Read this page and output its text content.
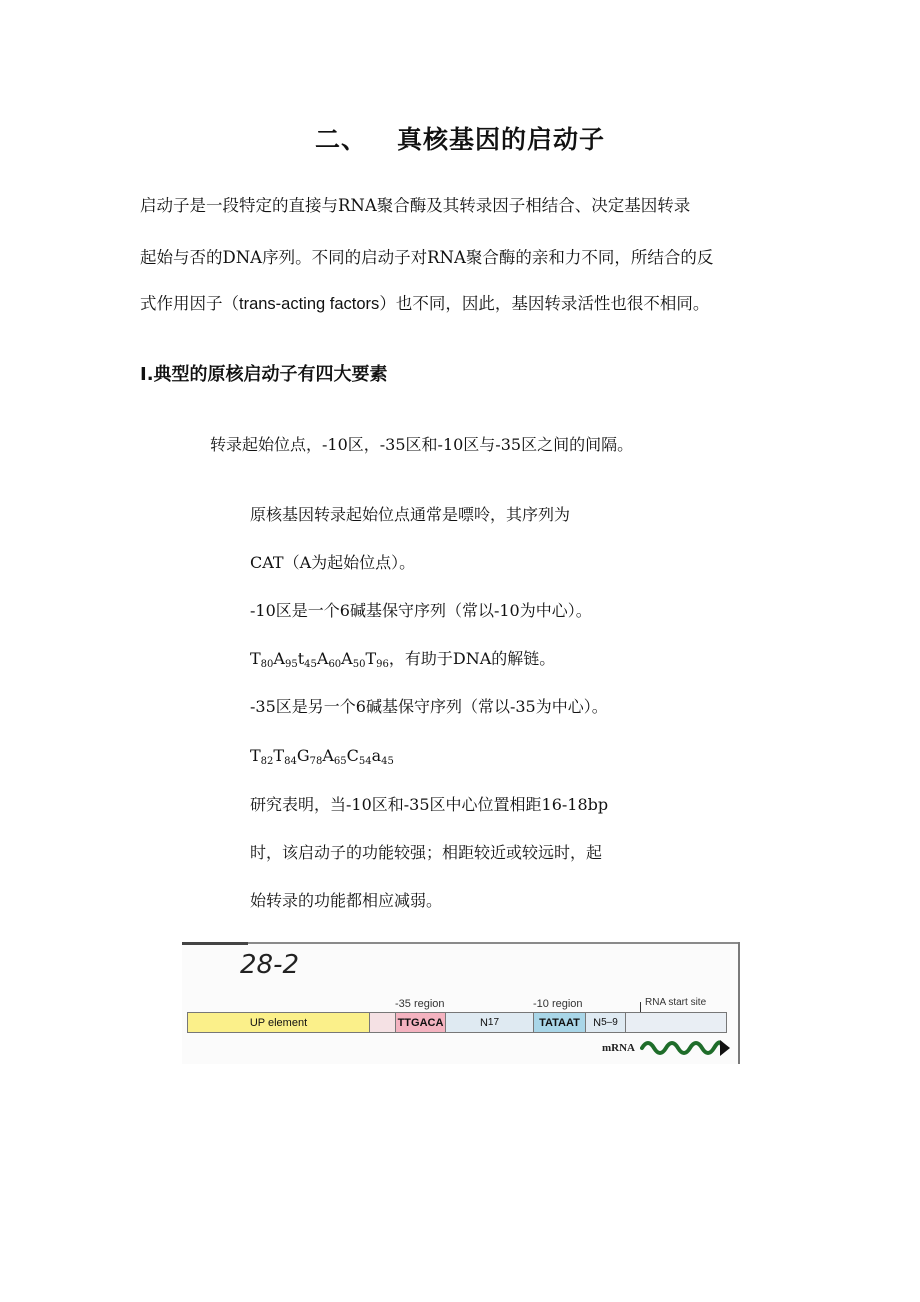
二、 真核基因的启动子
启动子是一段特定的直接与RNA聚合酶及其转录因子相结合、决定基因转录
起始与否的DNA序列。不同的启动子对RNA聚合酶的亲和力不同，所结合的反
式作用因子（trans-acting factors）也不同，因此，基因转录活性也很不相同。
Ⅰ.典型的原核启动子有四大要素
转录起始位点，-10区，-35区和-10区与-35区之间的间隔。
原核基因转录起始位点通常是嘌呤，其序列为
CAT（A为起始位点）。
-10区是一个6碱基保守序列（常以-10为中心）。
$T_{80}A_{95}t_{45}A_{60}A_{50}T_{96}$，有助于DNA的解链。
-35区是另一个6碱基保守序列（常以-35为中心）。
$T_{82}T_{84}G_{78}A_{65}C_{54}a_{45}$
研究表明，当-10区和-35区中心位置相距16-18bp
时，该启动子的功能较强；相距较近或较远时，起
始转录的功能都相应减弱。
28-2
-35 region	-10 region	RNA start site
UP element	TTGACA	N 17	TATAAT	N 5–9
mRNA
